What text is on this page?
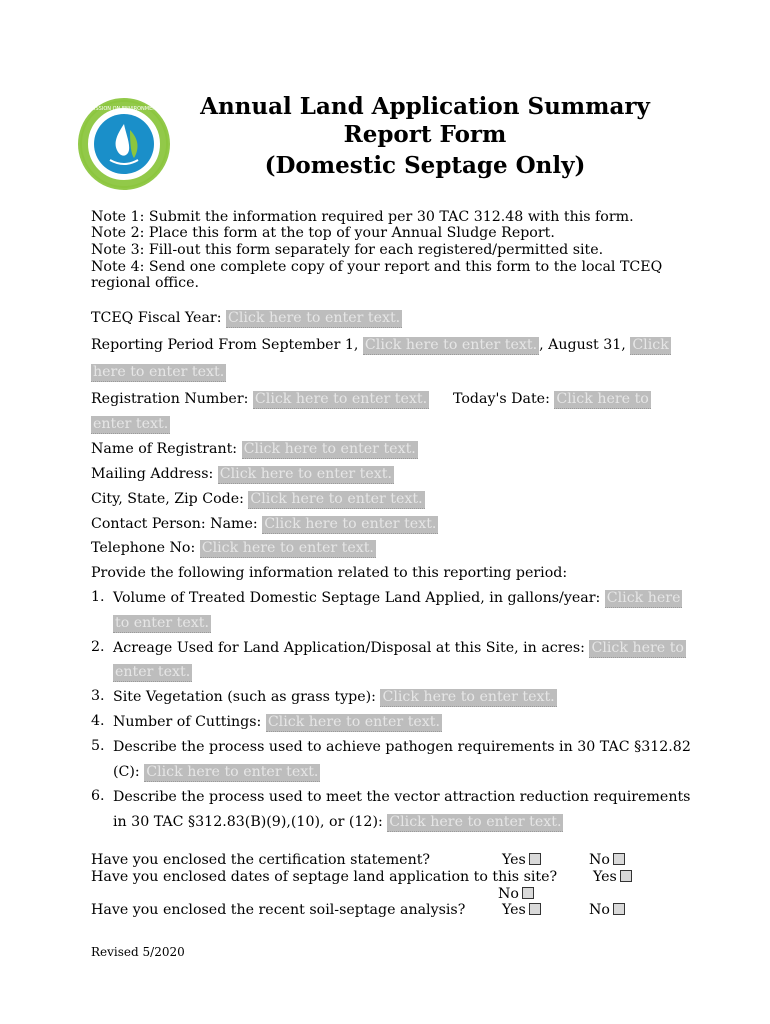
TEXAS COMMISSION ON ENVIRONMENTAL QUALITY Annual Land Application Summary
Report Form
(Domestic Septage Only)
Note 1: Submit the information required per 30 TAC 312.48 with this form.
Note 2: Place this form at the top of your Annual Sludge Report.
Note 3: Fill-out this form separately for each registered/permitted site.
Note 4: Send one complete copy of your report and this form to the local TCEQ
regional office.
TCEQ Fiscal Year: Click here to enter text.
Reporting Period From September 1, Click here to enter text. , August 31, Click
here to enter text.
Registration Number: Click here to enter text. Today's Date: Click here to
enter text.
Name of Registrant: Click here to enter text.
Mailing Address: Click here to enter text.
City, State, Zip Code: Click here to enter text.
Contact Person: Name: Click here to enter text.
Telephone No: Click here to enter text.
Provide the following information related to this reporting period:
1. Volume of Treated Domestic Septage Land Applied, in gallons/year: Click here
to enter text.
2. Acreage Used for Land Application/Disposal at this Site, in acres: Click here to
enter text.
3. Site Vegetation (such as grass type): Click here to enter text.
4. Number of Cuttings: Click here to enter text.
5. Describe the process used to achieve pathogen requirements in 30 TAC §312.82
(C): Click here to enter text.
6. Describe the process used to meet the vector attraction reduction requirements
in 30 TAC §312.83(B)(9),(10), or (12): Click here to enter text.
Have you enclosed the certification statement?	Yes	No
Have you enclosed dates of septage land application to this site?	Yes
No
Have you enclosed the recent soil-septage analysis?	Yes	No
Revised 5/2020
